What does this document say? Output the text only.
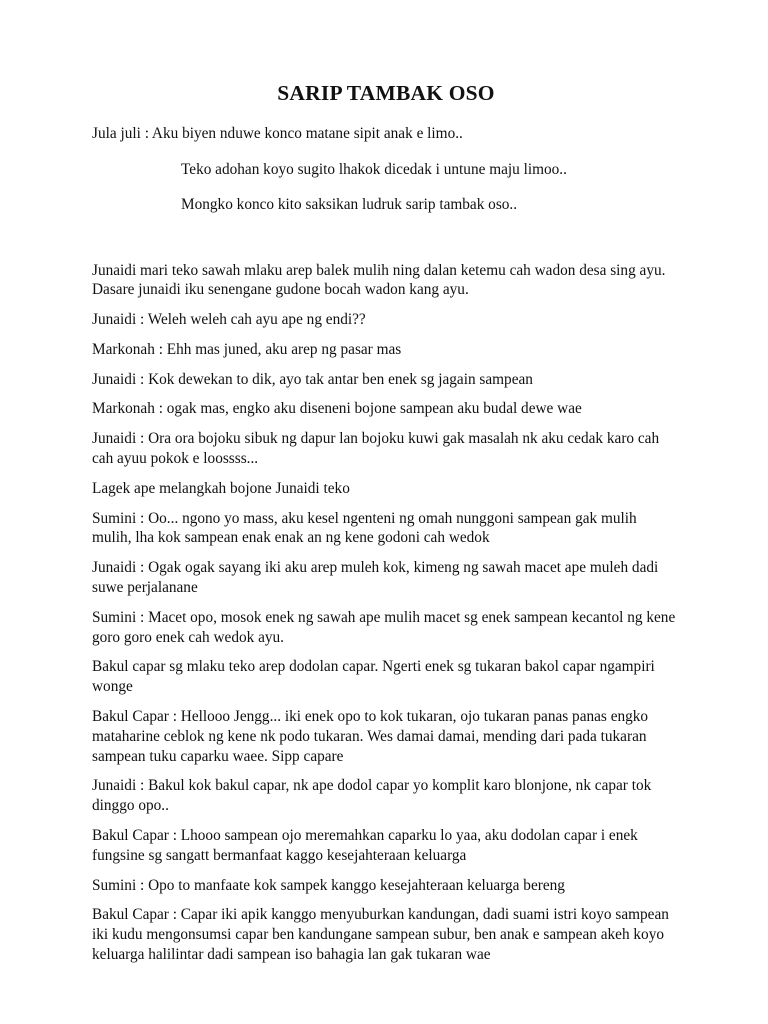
SARIP TAMBAK OSO
Jula juli : Aku biyen nduwe konco matane sipit anak e limo..
Teko adohan koyo sugito lhakok dicedak i untune maju limoo..
Mongko konco kito saksikan ludruk sarip tambak oso..

Junaidi mari teko sawah mlaku arep balek mulih ning dalan ketemu cah wadon desa sing ayu. Dasare junaidi iku senengane gudone bocah wadon kang ayu.

Junaidi : Weleh weleh cah ayu ape ng endi??

Markonah : Ehh mas juned, aku arep ng pasar mas

Junaidi : Kok dewekan to dik, ayo tak antar ben enek sg jagain sampean

Markonah : ogak mas, engko aku diseneni bojone sampean aku budal dewe wae

Junaidi : Ora ora bojoku sibuk ng dapur lan bojoku kuwi gak masalah nk aku cedak karo cah cah ayuu pokok e loossss...

Lagek ape melangkah bojone Junaidi teko

Sumini : Oo... ngono yo mass, aku kesel ngenteni ng omah nunggoni sampean gak mulih mulih, lha kok sampean enak enak an ng kene godoni cah wedok

Junaidi : Ogak ogak sayang iki aku arep muleh kok, kimeng ng sawah macet ape muleh dadi suwe perjalanane

Sumini : Macet opo, mosok enek ng sawah ape mulih macet sg enek sampean kecantol ng kene goro goro enek cah wedok ayu.

Bakul capar sg mlaku teko arep dodolan capar. Ngerti enek sg tukaran bakol capar ngampiri wonge

Bakul Capar : Hellooo Jengg... iki enek opo to kok tukaran, ojo tukaran panas panas engko mataharine ceblok ng kene nk podo tukaran. Wes damai damai, mending dari pada tukaran sampean tuku caparku waee. Sipp capare

Junaidi : Bakul kok bakul capar, nk ape dodol capar yo komplit karo blonjone, nk capar tok dinggo opo..

Bakul Capar : Lhooo sampean ojo meremahkan caparku lo yaa, aku dodolan capar i enek fungsine sg sangatt bermanfaat kaggo kesejahteraan keluarga

Sumini : Opo to manfaate kok sampek kanggo kesejahteraan keluarga bereng

Bakul Capar : Capar iki apik kanggo menyuburkan kandungan, dadi suami istri koyo sampean iki kudu mengonsumsi capar ben kandungane sampean subur, ben anak e sampean akeh koyo keluarga halilintar dadi sampean iso bahagia lan gak tukaran wae
